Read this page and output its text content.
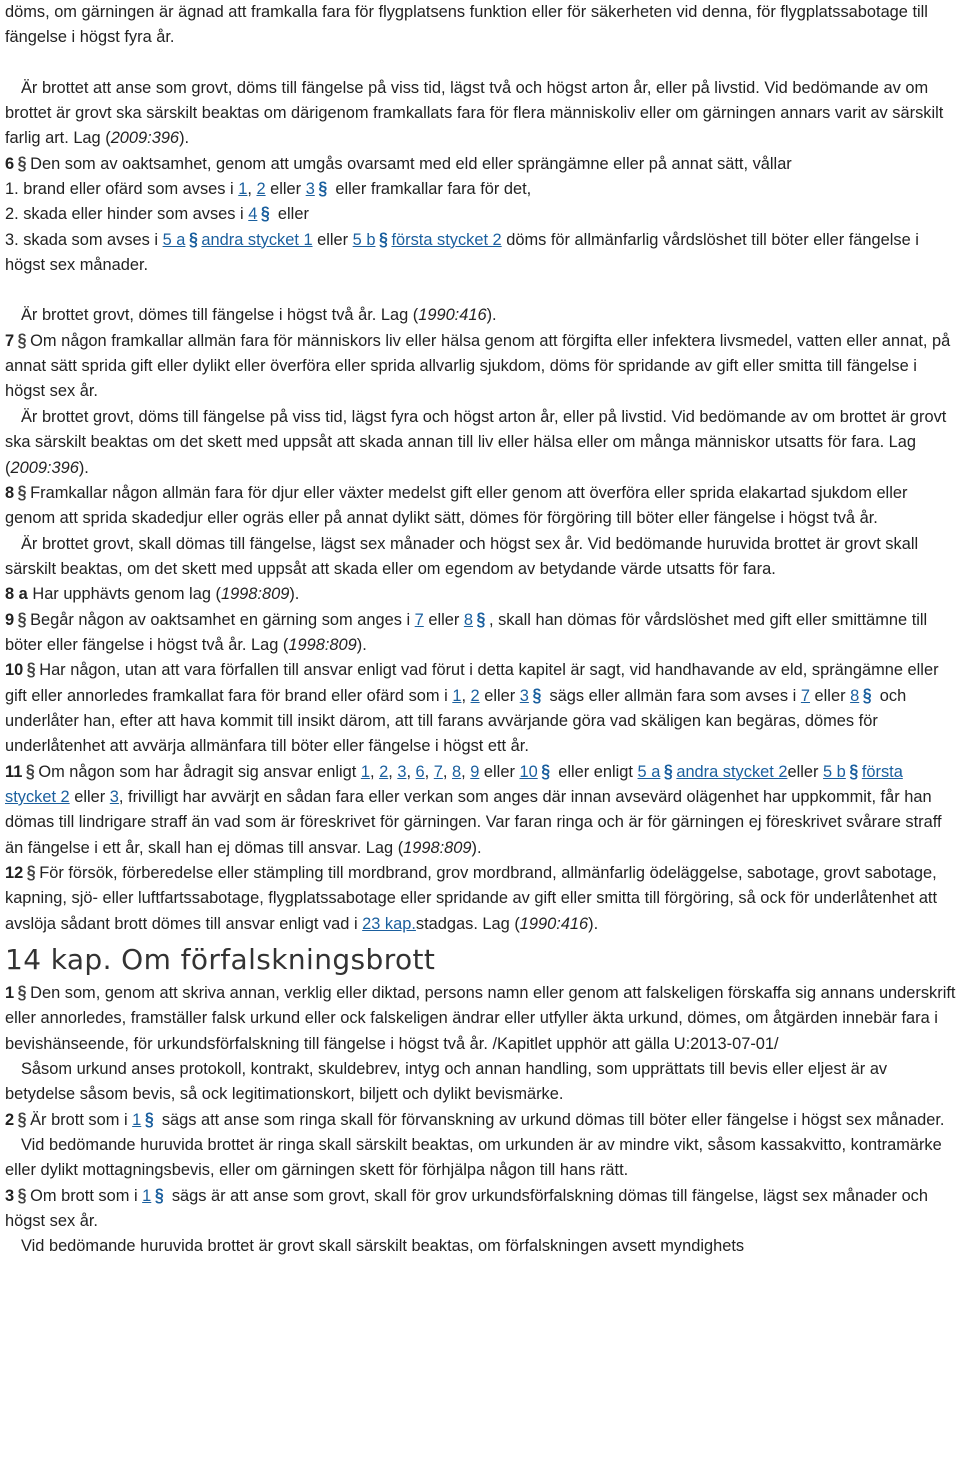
döms, om gärningen är ägnad att framkalla fara för flygplatsens funktion eller för säkerheten vid denna, för flygplatssabotage till fängelse i högst fyra år.

Är brottet att anse som grovt, döms till fängelse på viss tid, lägst två och högst arton år, eller på livstid. Vid bedömande av om brottet är grovt ska särskilt beaktas om därigenom framkallats fara för flera människoliv eller om gärningen annars varit av särskilt farlig art. Lag (2009:396).

6 § Den som av oaktsamhet, genom att umgås ovarsamt med eld eller sprängämne eller på annat sätt, vållar

1. brand eller ofärd som avses i 1, 2 eller 3 § eller framkallar fara för det,

2. skada eller hinder som avses i 4 § eller

3. skada som avses i 5 a § andra stycket 1 eller 5 b § första stycket 2 döms för allmänfarlig vårdslöshet till böter eller fängelse i högst sex månader.

Är brottet grovt, dömes till fängelse i högst två år. Lag (1990:416).

7 § Om någon framkallar allmän fara för människors liv eller hälsa genom att förgifta eller infektera livsmedel, vatten eller annat, på annat sätt sprida gift eller dylikt eller överföra eller sprida allvarlig sjukdom, döms för spridande av gift eller smitta till fängelse i högst sex år.

Är brottet grovt, döms till fängelse på viss tid, lägst fyra och högst arton år, eller på livstid. Vid bedömande av om brottet är grovt ska särskilt beaktas om det skett med uppsåt att skada annan till liv eller hälsa eller om många människor utsatts för fara. Lag (2009:396).

8 § Framkallar någon allmän fara för djur eller växter medelst gift eller genom att överföra eller sprida elakartad sjukdom eller genom att sprida skadedjur eller ogräs eller på annat dylikt sätt, dömes för förgöring till böter eller fängelse i högst två år.

Är brottet grovt, skall dömas till fängelse, lägst sex månader och högst sex år. Vid bedömande huruvida brottet är grovt skall särskilt beaktas, om det skett med uppsåt att skada eller om egendom av betydande värde utsatts för fara.

8 a Har upphävts genom lag (1998:809).

9 § Begår någon av oaktsamhet en gärning som anges i 7 eller 8 § , skall han dömas för vårdslöshet med gift eller smittämne till böter eller fängelse i högst två år. Lag (1998:809).

10 § Har någon, utan att vara förfallen till ansvar enligt vad förut i detta kapitel är sagt, vid handhavande av eld, sprängämne eller gift eller annorledes framkallat fara för brand eller ofärd som i 1, 2 eller 3 § sägs eller allmän fara som avses i 7 eller 8 § och underlåter han, efter att hava kommit till insikt därom, att till farans avvärjande göra vad skäligen kan begäras, dömes för underlåtenhet att avvärja allmänfara till böter eller fängelse i högst ett år.

11 § Om någon som har ådragit sig ansvar enligt 1, 2, 3, 6, 7, 8, 9 eller 10 § eller enligt 5 a § andra stycket 2eller 5 b § första stycket 2 eller 3, frivilligt har avvärjt en sådan fara eller verkan som anges där innan avsevärd olägenhet har uppkommit, får han dömas till lindrigare straff än vad som är föreskrivet för gärningen. Var faran ringa och är för gärningen ej föreskrivet svårare straff än fängelse i ett år, skall han ej dömas till ansvar. Lag (1998:809).

12 § För försök, förberedelse eller stämpling till mordbrand, grov mordbrand, allmänfarlig ödeläggelse, sabotage, grovt sabotage, kapning, sjö- eller luftfartssabotage, flygplatssabotage eller spridande av gift eller smitta till förgöring, så ock för underlåtenhet att avslöja sådant brott dömes till ansvar enligt vad i 23 kap.stadgas. Lag (1990:416).

14 kap. Om förfalskningsbrott

1 § Den som, genom att skriva annan, verklig eller diktad, persons namn eller genom att falskeligen förskaffa sig annans underskrift eller annorledes, framställer falsk urkund eller ock falskeligen ändrar eller utfyller äkta urkund, dömes, om åtgärden innebär fara i bevishänseende, för urkundsförfalskning till fängelse i högst två år. /Kapitlet upphör att gälla U:2013-07-01/

Såsom urkund anses protokoll, kontrakt, skuldebrev, intyg och annan handling, som upprättats till bevis eller eljest är av betydelse såsom bevis, så ock legitimationskort, biljett och dylikt bevismärke.

2 § Är brott som i 1 § sägs att anse som ringa skall för förvanskning av urkund dömas till böter eller fängelse i högst sex månader.

Vid bedömande huruvida brottet är ringa skall särskilt beaktas, om urkunden är av mindre vikt, såsom kassakvitto, kontramärke eller dylikt mottagningsbevis, eller om gärningen skett för förhjälpa någon till hans rätt.

3 § Om brott som i 1 § sägs är att anse som grovt, skall för grov urkundsförfalskning dömas till fängelse, lägst sex månader och högst sex år.

Vid bedömande huruvida brottet är grovt skall särskilt beaktas, om förfalskningen avsett myndighets
